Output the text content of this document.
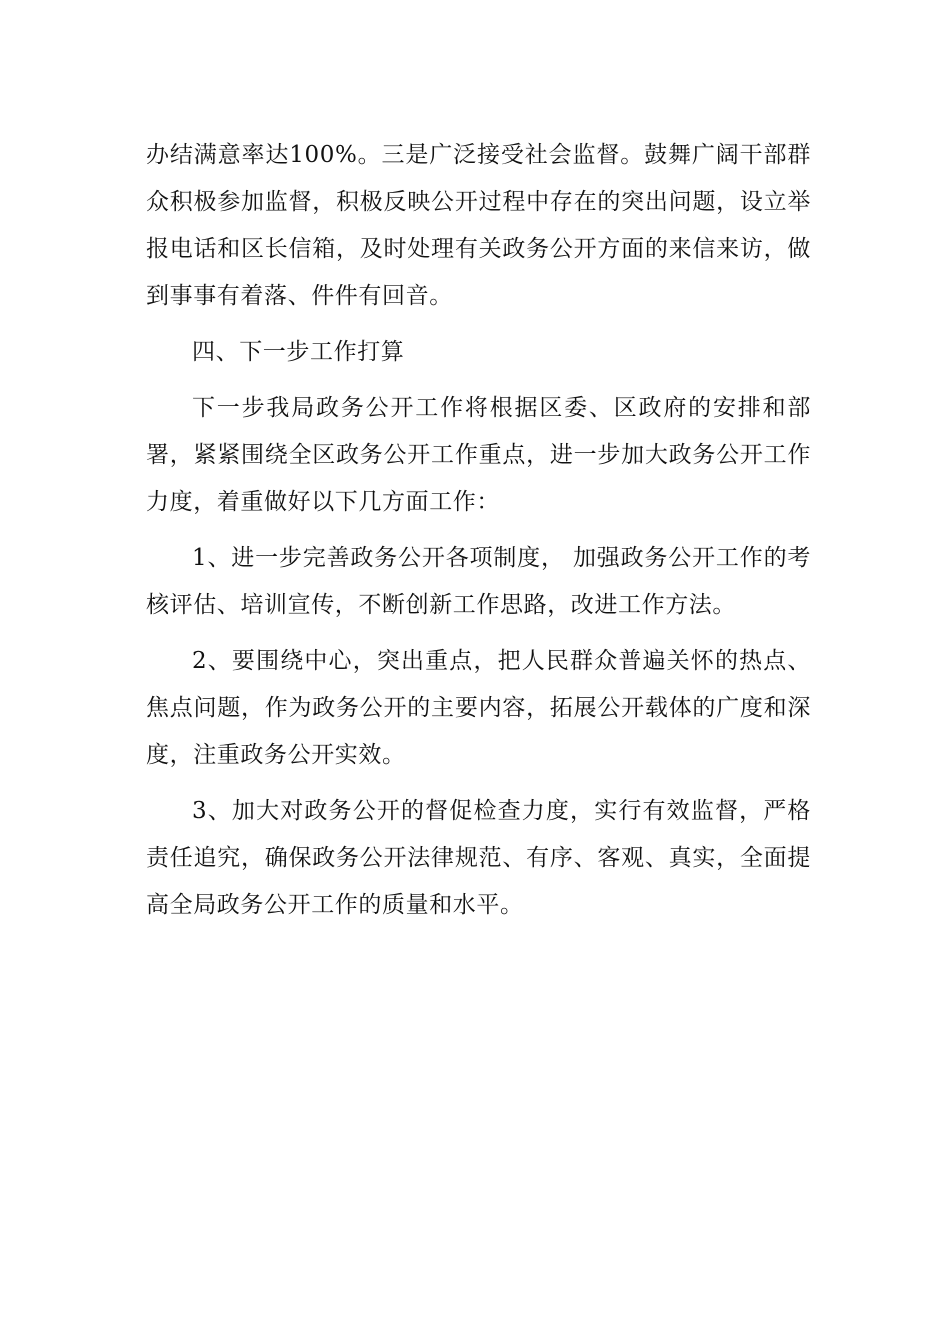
办结满意率达100%。三是广泛接受社会监督。鼓舞广阔干部群众积极参加监督，积极反映公开过程中存在的突出问题，设立举报电话和区长信箱，及时处理有关政务公开方面的来信来访，做到事事有着落、件件有回音。

四、下一步工作打算

下一步我局政务公开工作将根据区委、区政府的安排和部署，紧紧围绕全区政务公开工作重点，进一步加大政务公开工作力度，着重做好以下几方面工作：

1、进一步完善政务公开各项制度， 加强政务公开工作的考核评估、培训宣传，不断创新工作思路，改进工作方法。

2、要围绕中心，突出重点，把人民群众普遍关怀的热点、焦点问题，作为政务公开的主要内容，拓展公开载体的广度和深度，注重政务公开实效。

3、加大对政务公开的督促检查力度，实行有效监督，严格责任追究，确保政务公开法律规范、有序、客观、真实，全面提高全局政务公开工作的质量和水平。
